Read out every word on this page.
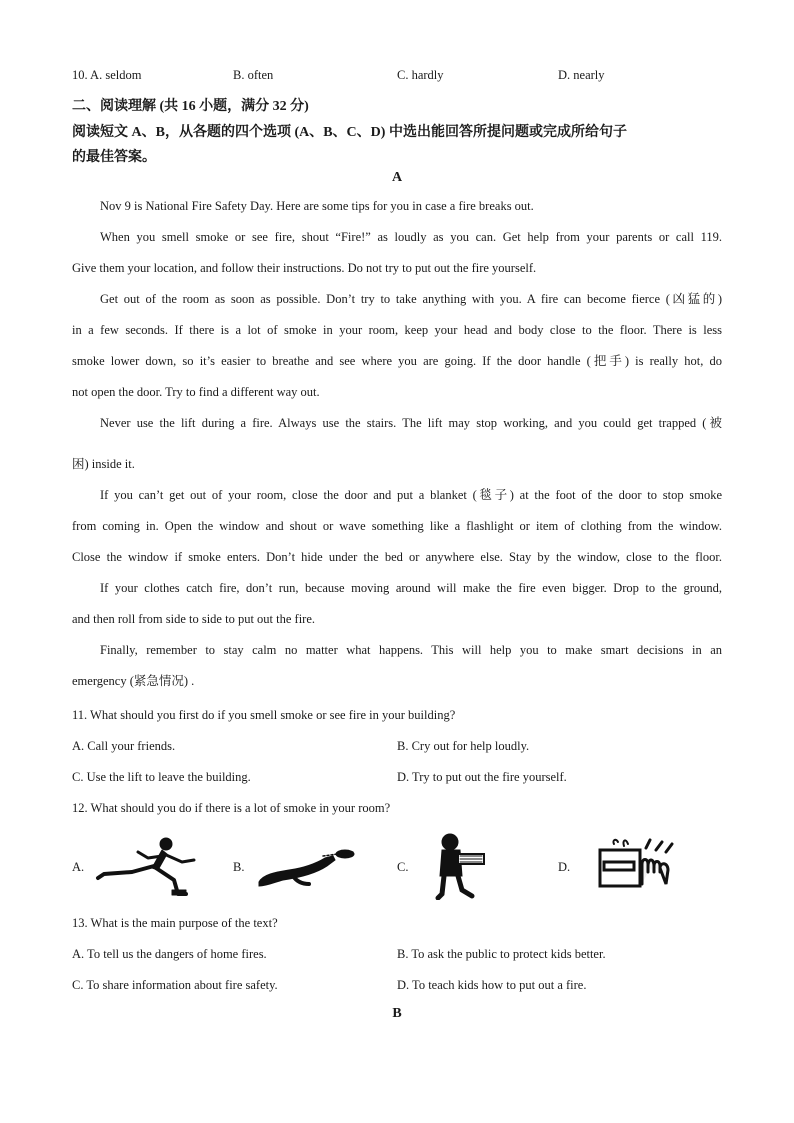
10. A. seldom	B. often	C. hardly	D. nearly
二、阅读理解 (共 16 小题，满分 32 分)
阅读短文 A、B，从各题的四个选项 (A、B、C、D) 中选出能回答所提问题或完成所给句子
的最佳答案。
A
Nov 9 is National Fire Safety Day. Here are some tips for you in case a fire breaks out.
When you smell smoke or see fire, shout “Fire!” as loudly as you can. Get help from your parents or call 119.
Give them your location, and follow their instructions. Do not try to put out the fire yourself.
Get out of the room as soon as possible. Don’t try to take anything with you. A fire can become fierce (凶猛的)
in a few seconds. If there is a lot of smoke in your room, keep your head and body close to the floor. There is less
smoke lower down, so it’s easier to breathe and see where you are going. If the door handle (把手) is really hot, do
not open the door. Try to find a different way out.
Never use the lift during a fire. Always use the stairs. The lift may stop working, and you could get trapped (被
困) inside it.
If you can’t get out of your room, close the door and put a blanket (毯子) at the foot of the door to stop smoke
from coming in. Open the window and shout or wave something like a flashlight or item of clothing from the window.
Close the window if smoke enters. Don’t hide under the bed or anywhere else. Stay by the window, close to the floor.
If your clothes catch fire, don’t run, because moving around will make the fire even bigger. Drop to the ground,
and then roll from side to side to put out the fire.
Finally, remember to stay calm no matter what happens. This will help you to make smart decisions in an
emergency (紧急情况) .
11. What should you first do if you smell smoke or see fire in your building?
A. Call your friends.	B. Cry out for help loudly.
C. Use the lift to leave the building.	D. Try to put out the fire yourself.
12. What should you do if there is a lot of smoke in your room?
A.	B.	C.	D.
13. What is the main purpose of the text?
A. To tell us the dangers of home fires.	B. To ask the public to protect kids better.
C. To share information about fire safety.	D. To teach kids how to put out a fire.
B
